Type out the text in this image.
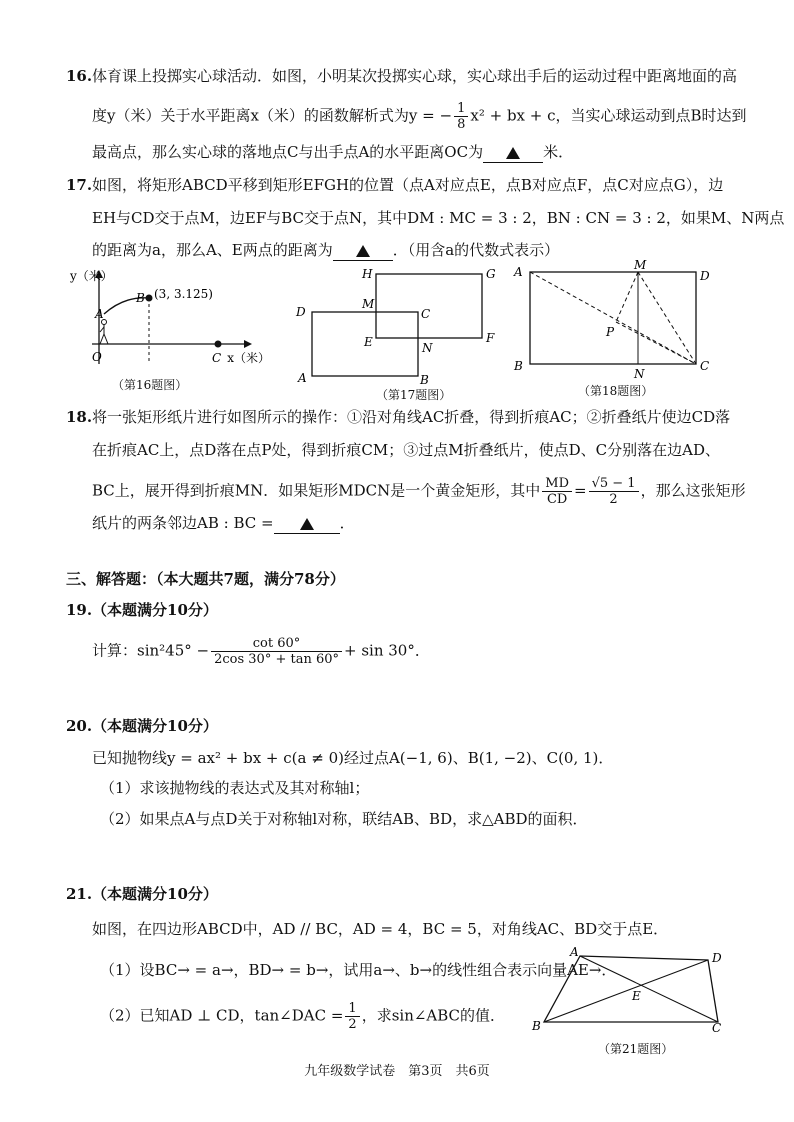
16. 体育课上投掷实心球活动．如图，小明某次投掷实心球，实心球出手后的运动过程中距离地面的高
度y（米）关于水平距离x（米）的函数解析式为y = − $\frac{1}{8} x^2$ + bx + c，当实心球运动到点B时达到
最高点，那么实心球的落地点C与出手点A的水平距离OC为	米．
17. 如图，将矩形ABCD平移到矩形EFGH的位置（点A对应点E，点B对应点F，点C对应点G），边
EH与CD交于点M，边EF与BC交于点N，其中DM : MC = 3 : 2，BN : CN = 3 : 2，如果M、N两点
的距离为a，那么A、E两点的距离为	．（用含a的代数式表示）
y（米）
C x（米）
B (3, 3.125)
A
O
（第16题图）
H	G
M
C
D
E	N
F
A	B
（第17题图）
A	M
D
P
B
N
C
（第18题图）
18. 将一张矩形纸片进行如图所示的操作：①沿对角线AC折叠，得到折痕AC；②折叠纸片使边CD落
在折痕AC上，点D落在点P处，得到折痕CM；③过点M折叠纸片，使点D、C分别落在边AD、
BC上，展开得到折痕MN．如果矩形MDCN是一个黄金矩形，其中 $\frac{MD}{CD} = \frac{√5 - 1}{2}$ ，那么这张矩形
纸片的两条邻边AB : BC =	．
三、解答题：（本大题共7题，满分78分）
19. （本题满分10分）
计算：$\sin^245^\circ - \frac{\cot 60^\circ}{2\cos 30^\circ + \tan 60^\circ} + \sin 30^\circ$．
20. （本题满分10分）
已知抛物线y = ax² + bx + c(a ≠ 0)经过点A(−1, 6)、B(1, −2)、C(0, 1)．
（1）求该抛物线的表达式及其对称轴l；
（2）如果点A与点D关于对称轴l对称，联结AB、BD，求△ABD的面积．
21. （本题满分10分）
如图，在四边形ABCD中，AD // BC，AD = 4，BC = 5，对角线AC、BD交于点E．
（1）设BC→ = a→，BD→ = b→，试用a→、b→的线性组合表示向量AE→．
（2）已知AD ⊥ CD，tan∠DAC = $\frac{1}{2}$ ，求sin∠ABC的值．
A	D
E
B	C
（第21题图）
九年级数学试卷　第3页　共6页
